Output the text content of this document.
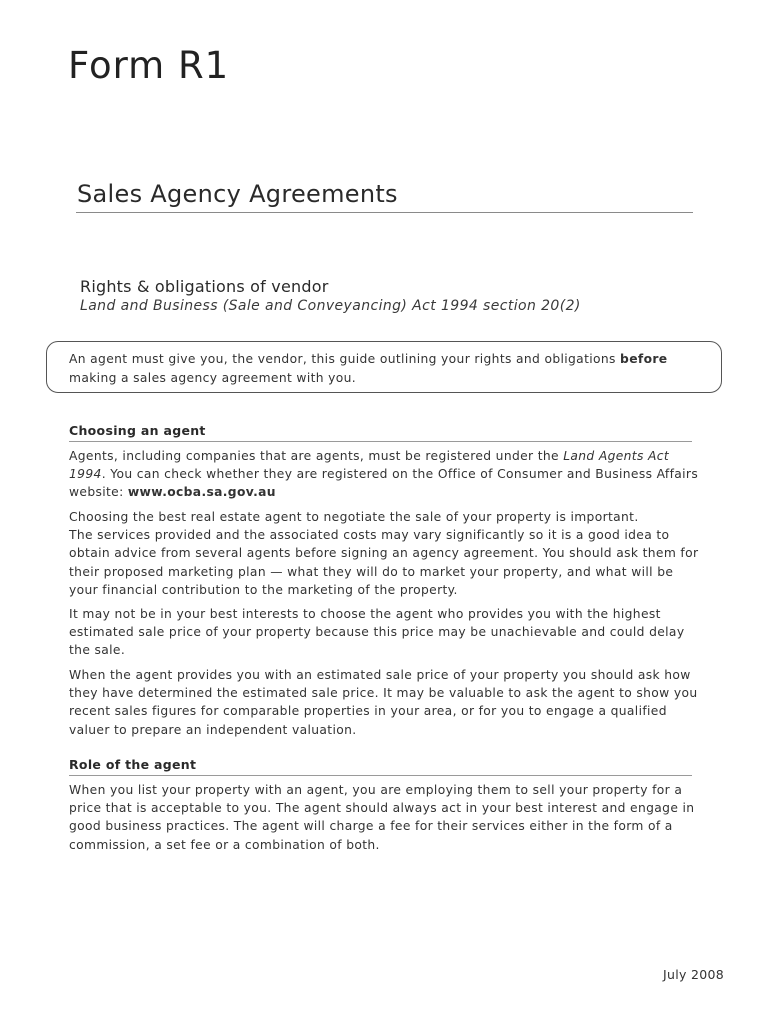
Form R1
Sales Agency Agreements
Rights & obligations of vendor
Land and Business (Sale and Conveyancing) Act 1994 section 20(2)
An agent must give you, the vendor, this guide outlining your rights and obligations before making a sales agency agreement with you.
Choosing an agent

Agents, including companies that are agents, must be registered under the Land Agents Act 1994. You can check whether they are registered on the Office of Consumer and Business Affairs website: www.ocba.sa.gov.au

Choosing the best real estate agent to negotiate the sale of your property is important.
The services provided and the associated costs may vary significantly so it is a good idea to obtain advice from several agents before signing an agency agreement. You should ask them for their proposed marketing plan — what they will do to market your property, and what will be your financial contribution to the marketing of the property.

It may not be in your best interests to choose the agent who provides you with the highest estimated sale price of your property because this price may be unachievable and could delay the sale.

When the agent provides you with an estimated sale price of your property you should ask how they have determined the estimated sale price. It may be valuable to ask the agent to show you recent sales figures for comparable properties in your area, or for you to engage a qualified valuer to prepare an independent valuation.

Role of the agent

When you list your property with an agent, you are employing them to sell your property for a price that is acceptable to you. The agent should always act in your best interest and engage in good business practices. The agent will charge a fee for their services either in the form of a commission, a set fee or a combination of both.

July 2008
